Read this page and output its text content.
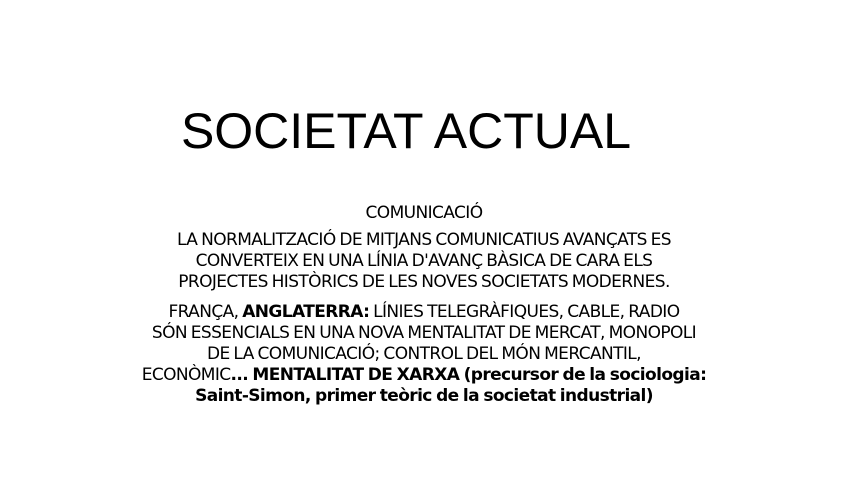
SOCIETAT ACTUAL

COMUNICACIÓ

LA NORMALITZACIÓ DE MITJANS COMUNICATIUS AVANÇATS ES
CONVERTEIX EN UNA LÍNIA D'AVANÇ BÀSICA DE CARA ELS
PROJECTES HISTÒRICS DE LES NOVES SOCIETATS MODERNES.

FRANÇA, ANGLATERRA: LÍNIES TELEGRÀFIQUES, CABLE, RADIO
SÓN ESSENCIALS EN UNA NOVA MENTALITAT DE MERCAT, MONOPOLI
DE LA COMUNICACIÓ; CONTROL DEL MÓN MERCANTIL,
ECONÒMIC... MENTALITAT DE XARXA (precursor de la sociologia:
Saint-Simon, primer teòric de la societat industrial)
